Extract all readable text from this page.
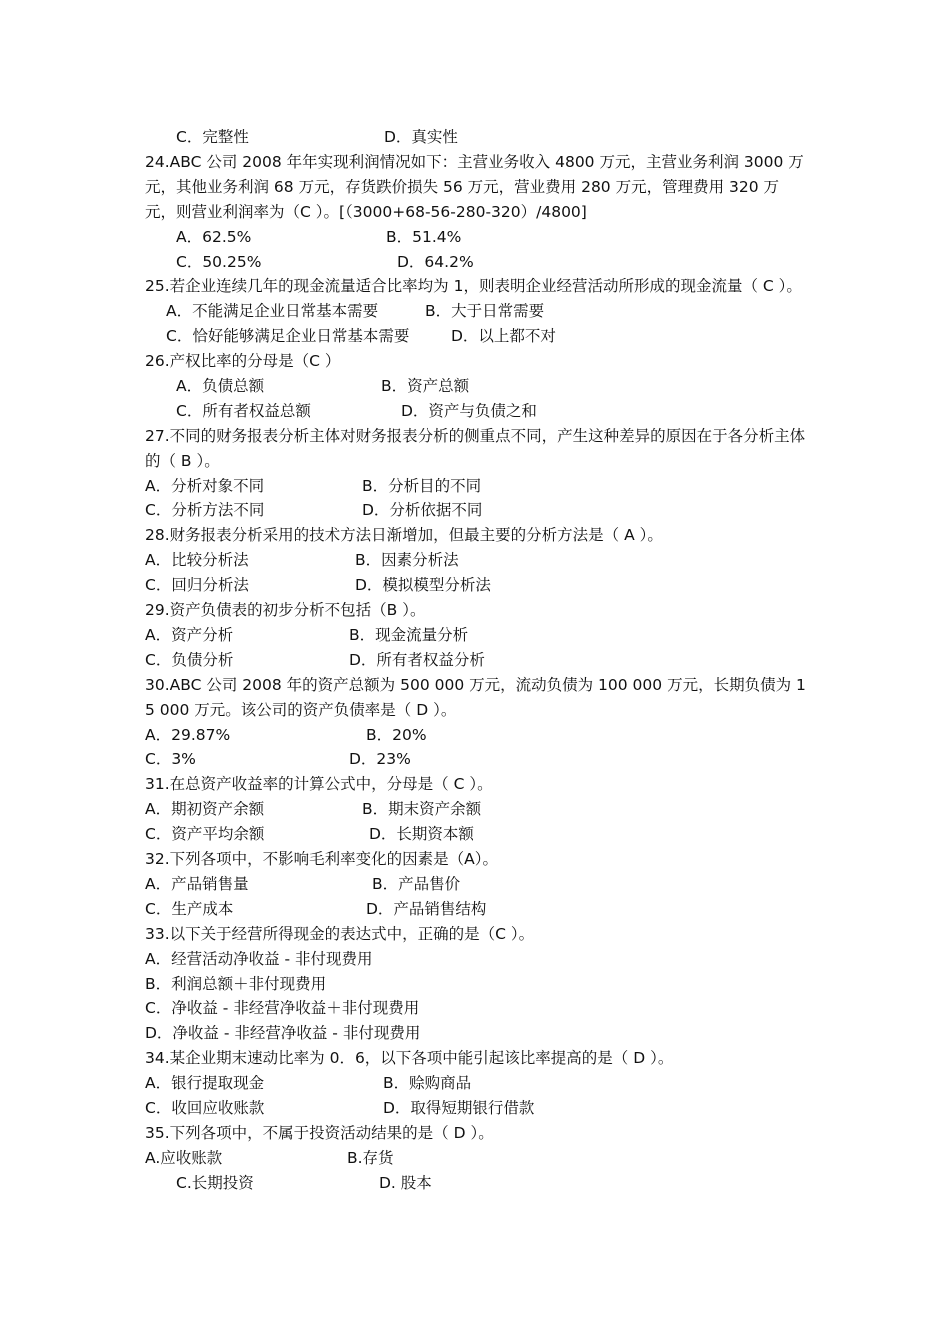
C．完整性	D．真实性
24.ABC 公司 2008 年年实现利润情况如下：主营业务收入 4800 万元，主营业务利润 3000 万元，其他业务利润 68 万元，存货跌价损失 56 万元，营业费用 280 万元，管理费用 320 万元，则营业利润率为（C ）。[（3000+68-56-280-320）/4800]
A．62.5%	B．51.4%
C．50.25%	D．64.2%
25.若企业连续几年的现金流量适合比率均为 1，则表明企业经营活动所形成的现金流量（ C ）。
A．不能满足企业日常基本需要	B．大于日常需要
C．恰好能够满足企业日常基本需要	D．以上都不对
26.产权比率的分母是（C ）
A．负债总额	B．资产总额
C．所有者权益总额	D．资产与负债之和
27.不同的财务报表分析主体对财务报表分析的侧重点不同，产生这种差异的原因在于各分析主体的（ B ）。
A．分析对象不同	B．分析目的不同
C．分析方法不同	D．分析依据不同
28.财务报表分析采用的技术方法日渐增加，但最主要的分析方法是（ A ）。
A．比较分析法	B．因素分析法
C．回归分析法	D．模拟模型分析法
29.资产负债表的初步分析不包括（B ）。
A．资产分析	B．现金流量分析
C．负债分析	D．所有者权益分析
30.ABC 公司 2008 年的资产总额为 500 000 万元，流动负债为 100 000 万元，长期负债为 15 000 万元。该公司的资产负债率是（ D ）。
A．29.87%	B．20%
C．3%	D．23%
31.在总资产收益率的计算公式中，分母是（ C ）。
A．期初资产余额	B．期末资产余额
C．资产平均余额	D．长期资本额
32.下列各项中，不影响毛利率变化的因素是（A）。
A．产品销售量	B．产品售价
C．生产成本	D．产品销售结构
33.以下关于经营所得现金的表达式中，正确的是（C ）。
A．经营活动净收益 - 非付现费用
B．利润总额＋非付现费用
C．净收益 - 非经营净收益＋非付现费用
D．净收益 - 非经营净收益 - 非付现费用
34.某企业期末速动比率为 0．6，以下各项中能引起该比率提高的是（ D ）。
A．银行提取现金	B．赊购商品
C．收回应收账款	D．取得短期银行借款
35.下列各项中，不属于投资活动结果的是（ D ）。
A.应收账款	B.存货
C.长期投资	D. 股本
